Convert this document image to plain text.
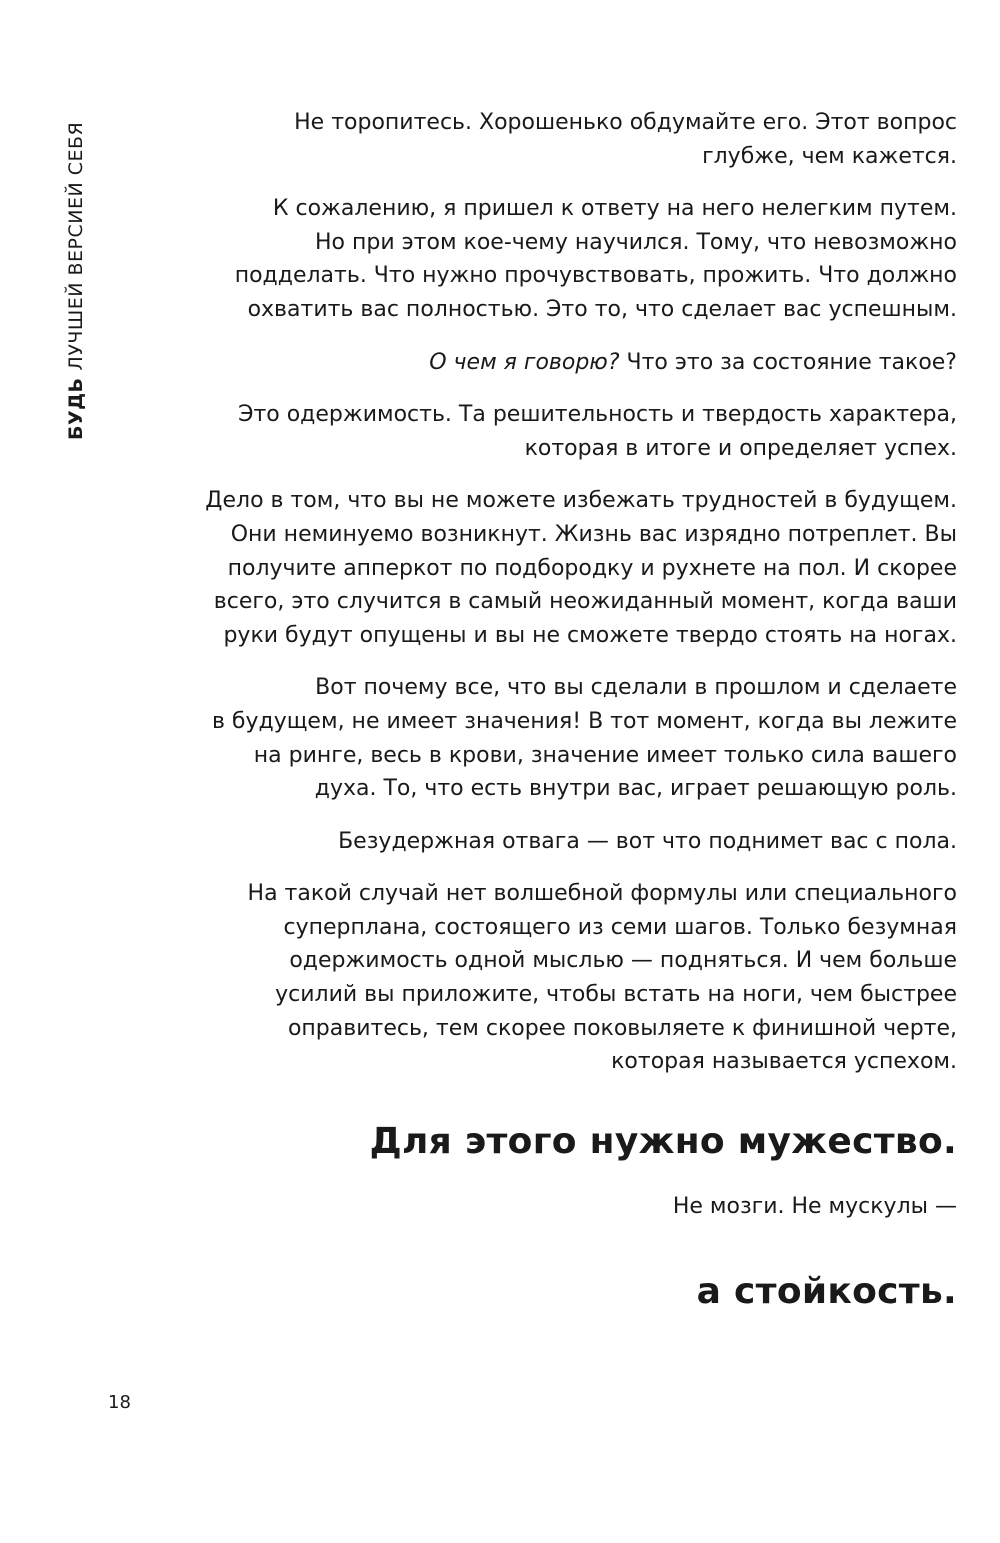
БУДЬ
ЛУЧШЕЙ ВЕРСИЕЙ СЕБЯ	Не торопитесь. Хорошенько обдумайте его. Этот вопрос
глубже, чем кажется.

К сожалению, я пришел к ответу на него нелегким путем.
Но при этом кое-чему научился. Тому, что невозможно
подделать. Что нужно прочувствовать, прожить. Что должно
охватить вас полностью. Это то, что сделает вас успешным.

О чем я говорю? Что это за состояние такое?

Это одержимость. Та решительность и твердость характера,
которая в итоге и определяет успех.

Дело в том, что вы не можете избежать трудностей в будущем.
Они неминуемо возникнут. Жизнь вас изрядно потреплет. Вы
получите апперкот по подбородку и рухнете на пол. И скорее
всего, это случится в самый неожиданный момент, когда ваши
руки будут опущены и вы не сможете твердо стоять на ногах.

Вот почему все, что вы сделали в прошлом и сделаете
в будущем, не имеет значения! В тот момент, когда вы лежите
на ринге, весь в крови, значение имеет только сила вашего
духа. То, что есть внутри вас, играет решающую роль.

Безудержная отвага — вот что поднимет вас с пола.

На такой случай нет волшебной формулы или специального
суперплана, состоящего из семи шагов. Только безумная
одержимость одной мыслью — подняться. И чем больше
усилий вы приложите, чтобы встать на ноги, чем быстрее
оправитесь, тем скорее поковыляете к финишной черте,
которая называется успехом.

Для этого нужно мужество.
Не мозги. Не мускулы —
а стойкость.
18
